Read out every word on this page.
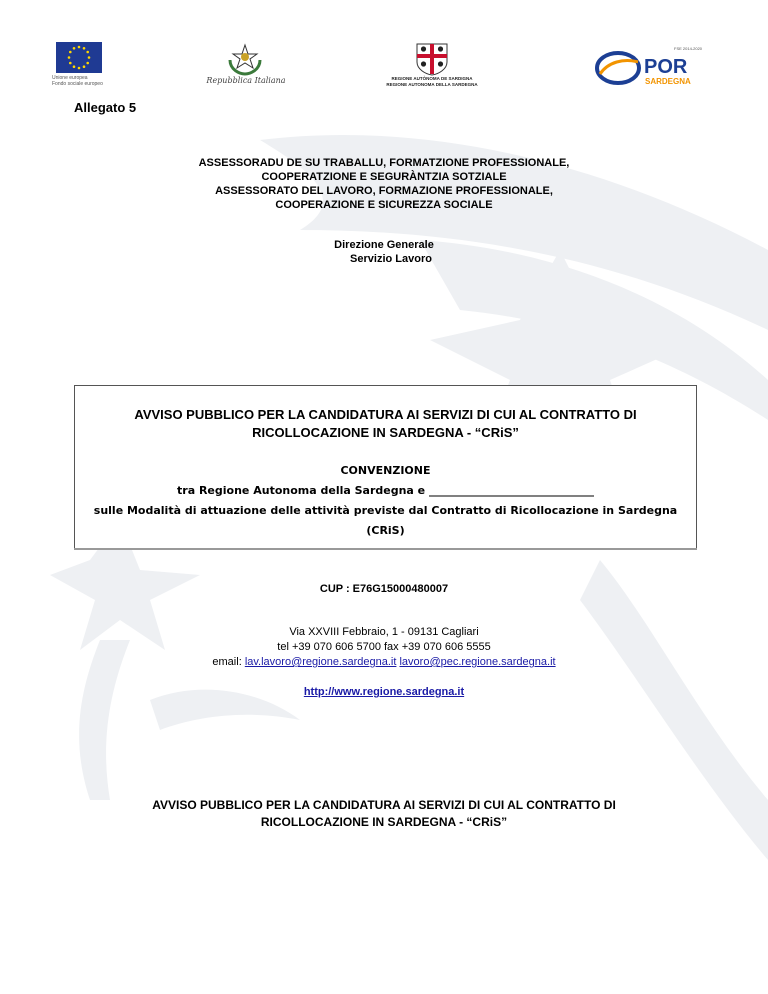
Unione europea
Fondo sociale europeo	Repubblica Italiana	REGIONE AUTÒNOMA DE SARDIGNA
REGIONE AUTONOMA DELLA SARDEGNA
POR
SARDEGNA
FSE 2014-2020
Allegato 5
ASSESSORADU DE SU TRABALLU, FORMATZIONE PROFESSIONALE,
COOPERATZIONE E SEGURÀNTZIA SOTZIALE
ASSESSORATO DEL LAVORO, FORMAZIONE PROFESSIONALE,
COOPERAZIONE E SICUREZZA SOCIALE
Direzione Generale
Servizio Lavoro
AVVISO PUBBLICO PER LA CANDIDATURA AI SERVIZI DI CUI AL CONTRATTO DI
RICOLLOCAZIONE IN SARDEGNA - “CRiS”
CONVENZIONE
tra Regione Autonoma della Sardegna e ______________________________
sulle Modalità di attuazione delle attività previste dal Contratto di Ricollocazione in Sardegna
(CRiS)
CUP : E76G15000480007
Via XXVIII Febbraio, 1 - 09131 Cagliari
tel +39 070 606 5700 fax +39 070 606 5555
email: lav.lavoro@regione.sardegna.it lavoro@pec.regione.sardegna.it
http://www.regione.sardegna.it
AVVISO PUBBLICO PER LA CANDIDATURA AI SERVIZI DI CUI AL CONTRATTO DI
RICOLLOCAZIONE IN SARDEGNA - “CRiS”
